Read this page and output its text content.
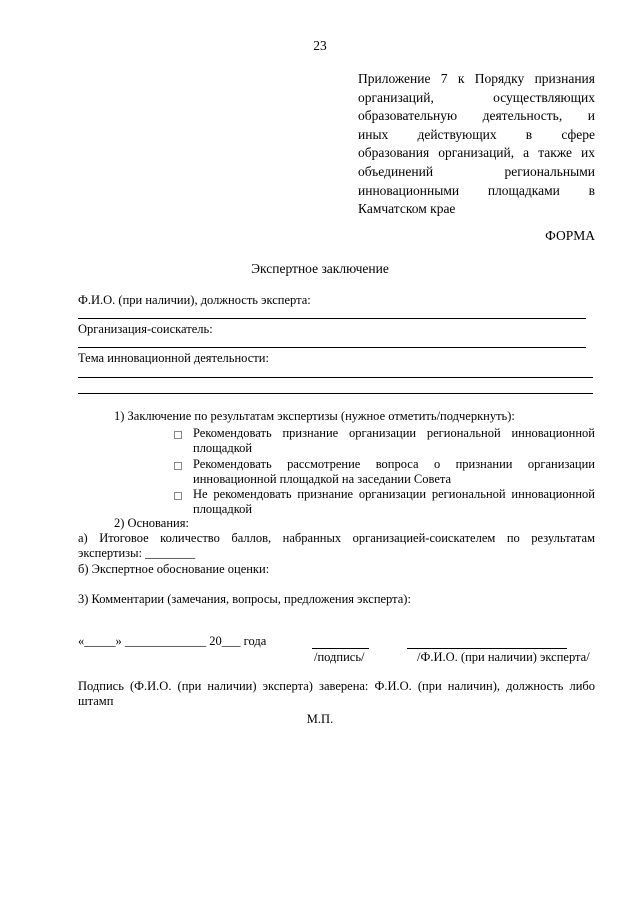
23
Приложение 7 к Порядку признания
организаций, осуществляющих
образовательную деятельность, и
иных действующих в сфере
образования организаций, а также их
объединений региональными
инновационными площадками в
Камчатском крае
ФОРМА
Экспертное заключение
Ф.И.О. (при наличии), должность эксперта:
Организация-соискатель:
Тема инновационной деятельности:
1) Заключение по результатам экспертизы (нужное отметить/подчеркнуть):
Рекомендовать признание организации региональной инновационной
площадкой
Рекомендовать рассмотрение вопроса о признании организации
инновационной площадкой на заседании Совета
Не рекомендовать признание организации региональной инновационной
площадкой
2) Основания:
а) Итоговое количество баллов, набранных организацией-соискателем по результатам
экспертизы: ________
б) Экспертное обоснование оценки:
3) Комментарии (замечания, вопросы, предложения эксперта):
«_____» _____________ 20___ года
/подпись/	/Ф.И.О. (при наличии) эксперта/
Подпись (Ф.И.О. (при наличии) эксперта) заверена: Ф.И.О. (при наличин), должность либо
штамп
М.П.
